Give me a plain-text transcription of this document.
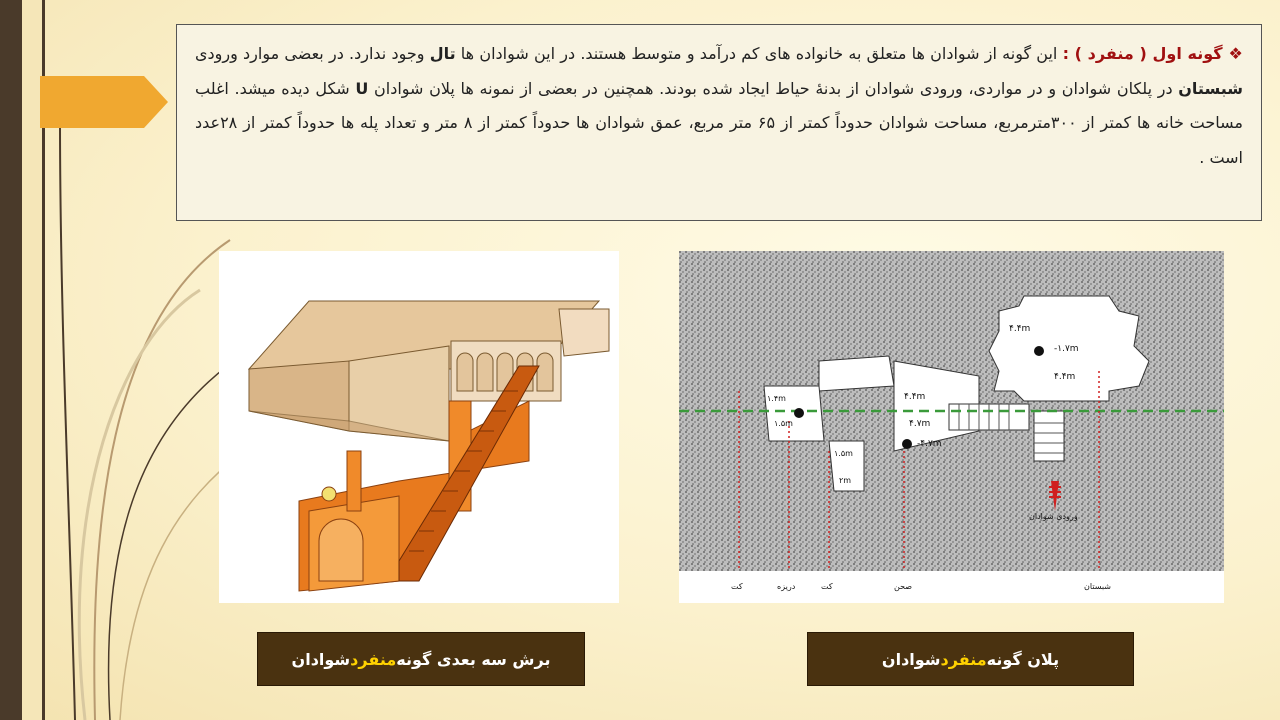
❖گونه اول ( منفرد ) : این گونه از شوادان ها متعلق به خانواده های کم درآمد و متوسط هستند. در این شوادان ها تال وجود ندارد. در بعضی موارد ورودی شبستان در پلکان شوادان و در مواردی، ورودی شوادان از بدنۀ حیاط ایجاد شده بودند. همچنین در بعضی از نمونه ها پلان شوادان U شکل دیده میشد. اغلب مساحت خانه ها کمتر از ۳۰۰مترمربع، مساحت شوادان حدوداً کمتر از ۶۵ متر مربع، عمق شوادان ها حدوداً کمتر از ۸ متر و تعداد پله ها حدوداً کمتر از ۲۸عدد است .
۴.۴m
-۱.۷m
۴.۴m
۱.۴m
۱.۵m
۴.۴m
۴.۷m
-۴.۷m
۱.۵m
۲m
ورودی شوادان
کت	دریزه	کت	صحن	شبستان
برش سه بعدی گونه
منفرد
شوادان	پلان گونه
منفرد
شوادان
